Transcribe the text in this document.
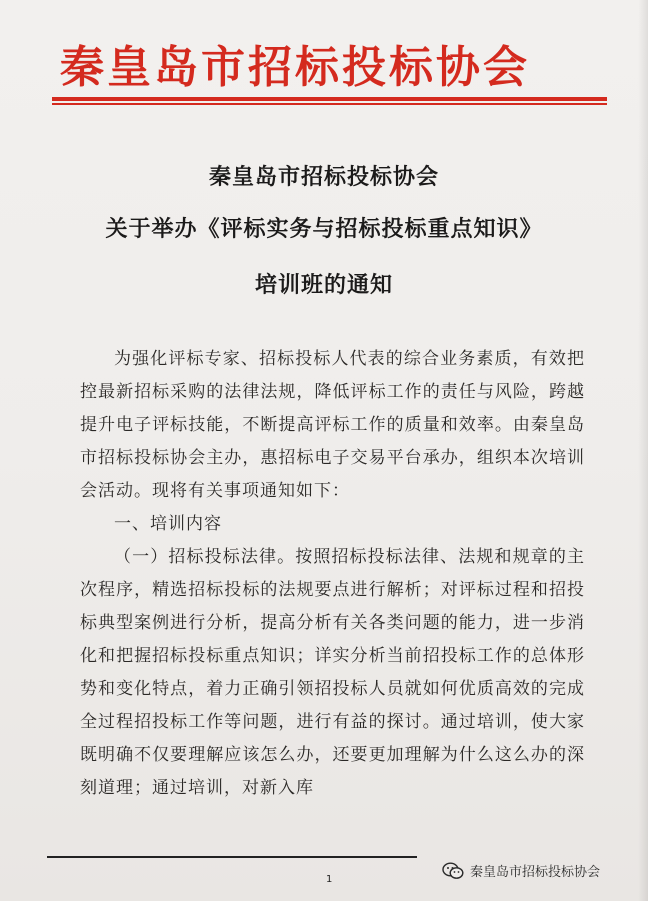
秦皇岛市招标投标协会
秦皇岛市招标投标协会
关于举办《评标实务与招标投标重点知识》
培训班的通知

为强化评标专家、招标投标人代表的综合业务素质，有效把控最新招标采购的法律法规，降低评标工作的责任与风险，跨越提升电子评标技能，不断提高评标工作的质量和效率。由秦皇岛市招标投标协会主办，惠招标电子交易平台承办，组织本次培训会活动。现将有关事项通知如下：

一、培训内容

（一）招标投标法律。按照招标投标法律、法规和规章的主次程序，精选招标投标的法规要点进行解析；对评标过程和招投标典型案例进行分析，提高分析有关各类问题的能力，进一步消化和把握招标投标重点知识；详实分析当前招投标工作的总体形势和变化特点，着力正确引领招投标人员就如何优质高效的完成全过程招投标工作等问题，进行有益的探讨。通过培训，使大家既明确不仅要理解应该怎么办，还要更加理解为什么这么办的深刻道理；通过培训，对新入库

1	秦皇岛市招标投标协会
